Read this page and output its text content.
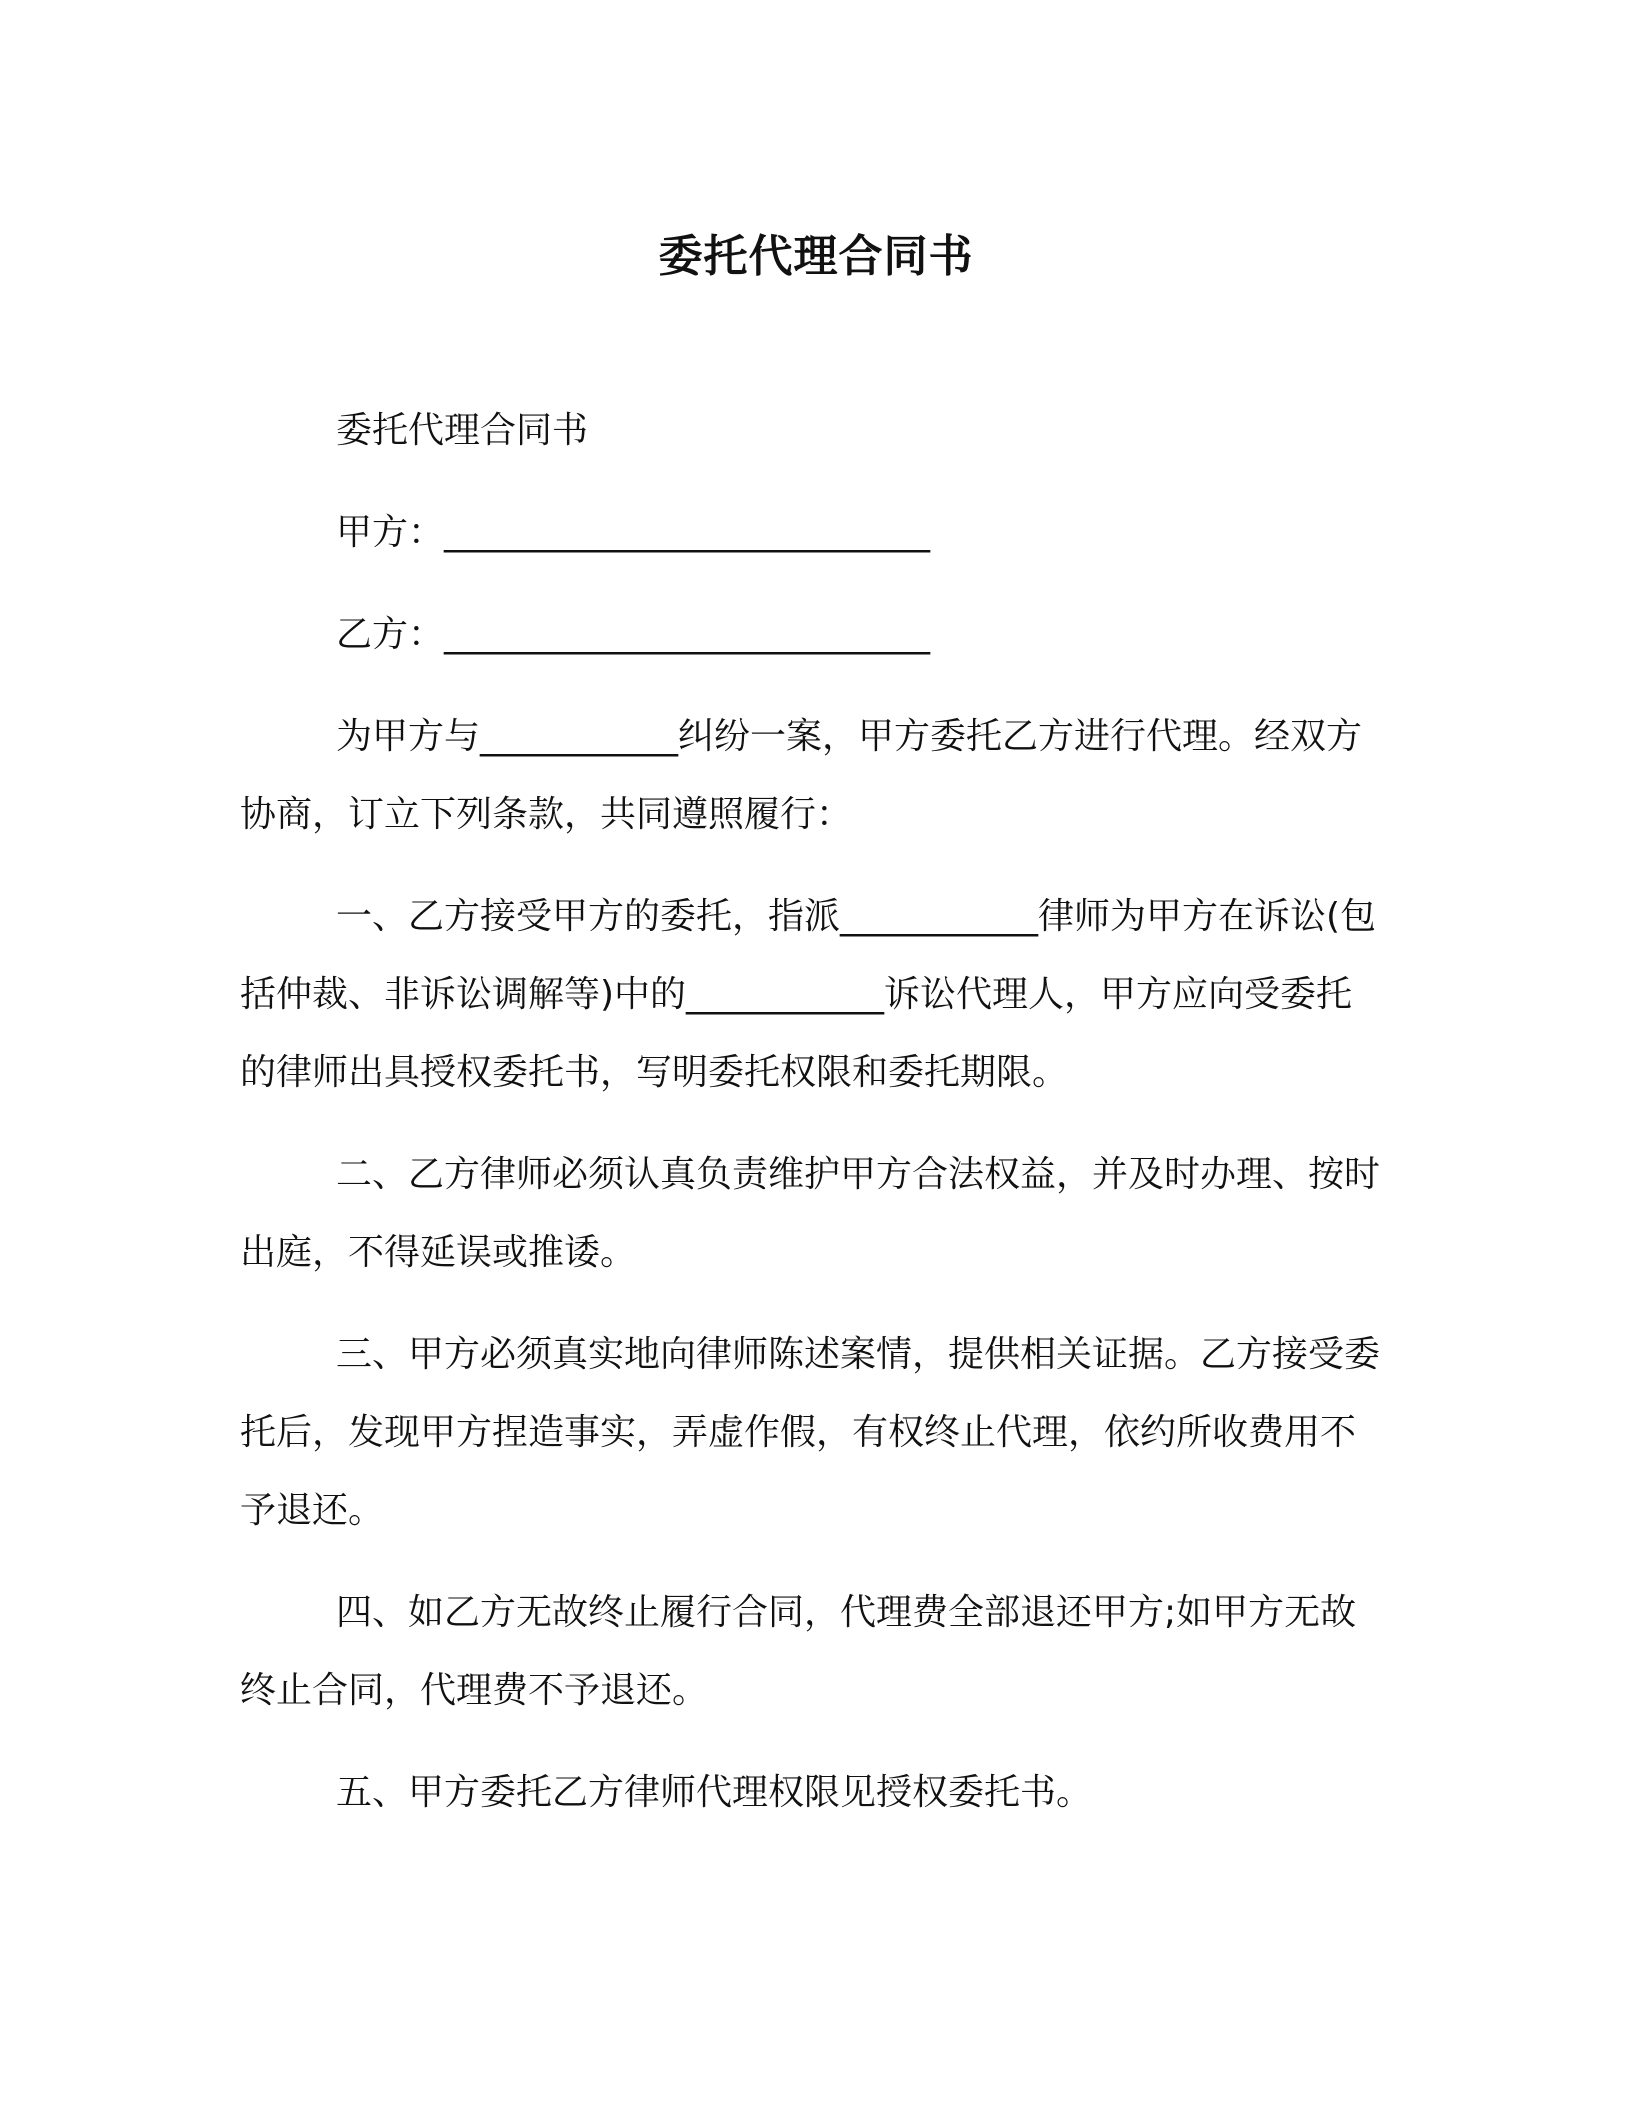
委托代理合同书

委托代理合同书

甲方：___________________________

乙方：___________________________

为甲方与___________纠纷一案，甲方委托乙方进行代理。经双方协商，订立下列条款，共同遵照履行：

一、乙方接受甲方的委托，指派___________律师为甲方在诉讼(包括仲裁、非诉讼调解等)中的___________诉讼代理人，甲方应向受委托的律师出具授权委托书，写明委托权限和委托期限。

二、乙方律师必须认真负责维护甲方合法权益，并及时办理、按时出庭，不得延误或推诿。

三、甲方必须真实地向律师陈述案情，提供相关证据。乙方接受委托后，发现甲方捏造事实，弄虚作假，有权终止代理，依约所收费用不予退还。

四、如乙方无故终止履行合同，代理费全部退还甲方;如甲方无故终止合同，代理费不予退还。

五、甲方委托乙方律师代理权限见授权委托书。
